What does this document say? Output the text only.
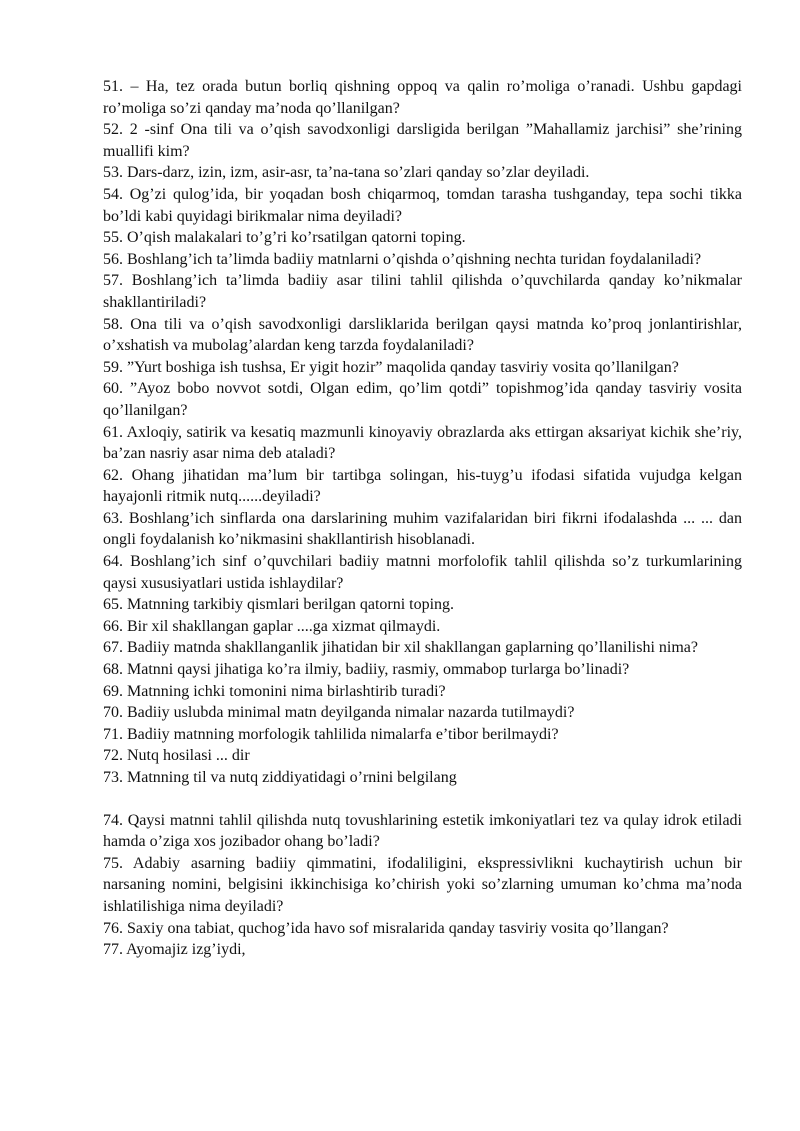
51. – Ha, tez orada butun borliq qishning oppoq va qalin ro’moliga o’ranadi. Ushbu gapdagi ro’moliga so’zi qanday ma’noda qo’llanilgan?

52. 2 -sinf Ona tili va o’qish savodxonligi darsligida berilgan ”Mahallamiz jarchisi” she’rining muallifi kim?

53. Dars-darz, izin, izm, asir-asr, ta’na-tana so’zlari qanday so’zlar deyiladi.

54. Og’zi qulog’ida, bir yoqadan bosh chiqarmoq, tomdan tarasha tushganday, tepa sochi tikka bo’ldi kabi quyidagi birikmalar nima deyiladi?

55. O’qish malakalari to’g’ri ko’rsatilgan qatorni toping.

56. Boshlang’ich ta’limda badiiy matnlarni o’qishda o’qishning nechta turidan foydalaniladi?

57. Boshlang’ich ta’limda badiiy asar tilini tahlil qilishda o’quvchilarda qanday ko’nikmalar shakllantiriladi?

58. Ona tili va o’qish savodxonligi darsliklarida berilgan qaysi matnda ko’proq jonlantirishlar, o’xshatish va mubolag’alardan keng tarzda foydalaniladi?

59. ”Yurt boshiga ish tushsa, Er yigit hozir” maqolida qanday tasviriy vosita qo’llanilgan?

60. ”Ayoz bobo novvot sotdi, Olgan edim, qo’lim qotdi” topishmog’ida qanday tasviriy vosita qo’llanilgan?

61. Axloqiy, satirik va kesatiq mazmunli kinoyaviy obrazlarda aks ettirgan aksariyat kichik she’riy, ba’zan nasriy asar nima deb ataladi?

62. Ohang jihatidan ma’lum bir tartibga solingan, his-tuyg’u ifodasi sifatida vujudga kelgan hayajonli ritmik nutq......deyiladi?

63. Boshlang’ich sinflarda ona darslarining muhim vazifalaridan biri fikrni ifodalashda ... ... dan ongli foydalanish ko’nikmasini shakllantirish hisoblanadi.

64. Boshlang’ich sinf o’quvchilari badiiy matnni morfolofik tahlil qilishda so’z turkumlarining qaysi xususiyatlari ustida ishlaydilar?

65. Matnning tarkibiy qismlari berilgan qatorni toping.

66. Bir xil shakllangan gaplar ....ga xizmat qilmaydi.

67. Badiiy matnda shakllanganlik jihatidan bir xil shakllangan gaplarning qo’llanilishi nima?

68. Matnni qaysi jihatiga ko’ra ilmiy, badiiy, rasmiy, ommabop turlarga bo’linadi?

69. Matnning ichki tomonini nima birlashtirib turadi?

70. Badiiy uslubda minimal matn deyilganda nimalar nazarda tutilmaydi?

71. Badiiy matnning morfologik tahlilida nimalarfa e’tibor berilmaydi?

72. Nutq hosilasi ... dir

73. Matnning til va nutq ziddiyatidagi o’rnini belgilang

74. Qaysi matnni tahlil qilishda nutq tovushlarining estetik imkoniyatlari tez va qulay idrok etiladi hamda o’ziga xos jozibador ohang bo’ladi?

75. Adabiy asarning badiiy qimmatini, ifodaliligini, ekspressivlikni kuchaytirish uchun bir narsaning nomini, belgisini ikkinchisiga ko’chirish yoki so’zlarning umuman ko’chma ma’noda ishlatilishiga nima deyiladi?

76. Saxiy ona tabiat, quchog’ida havo sof misralarida qanday tasviriy vosita qo’llangan?

77. Ayomajiz izg’iydi,
